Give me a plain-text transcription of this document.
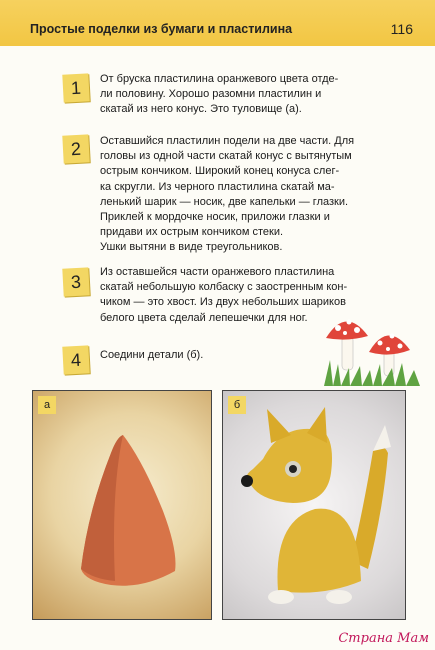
Простые поделки из бумаги и пластилина	116
1 От бруска пластилина оранжевого цвета отде-
ли половину. Хорошо разомни пластилин и
скатай из него конус. Это туловище (а).
2 Оставшийся пластилин подели на две части. Для
головы из одной части скатай конус с вытянутым
острым кончиком. Широкий конец конуса слег-
ка скругли. Из черного пластилина скатай ма-
ленький шарик — носик, две капельки — глазки.
Приклей к мордочке носик, приложи глазки и
придави их острым кончиком стеки.
Ушки вытяни в виде треугольников.
3 Из оставшейся части оранжевого пластилина
скатай небольшую колбаску с заостренным кон-
чиком — это хвост. Из двух небольших шариков
белого цвета сделай лепешечки для ног.
4 Соедини детали (б).
а	б
Страна Мам
